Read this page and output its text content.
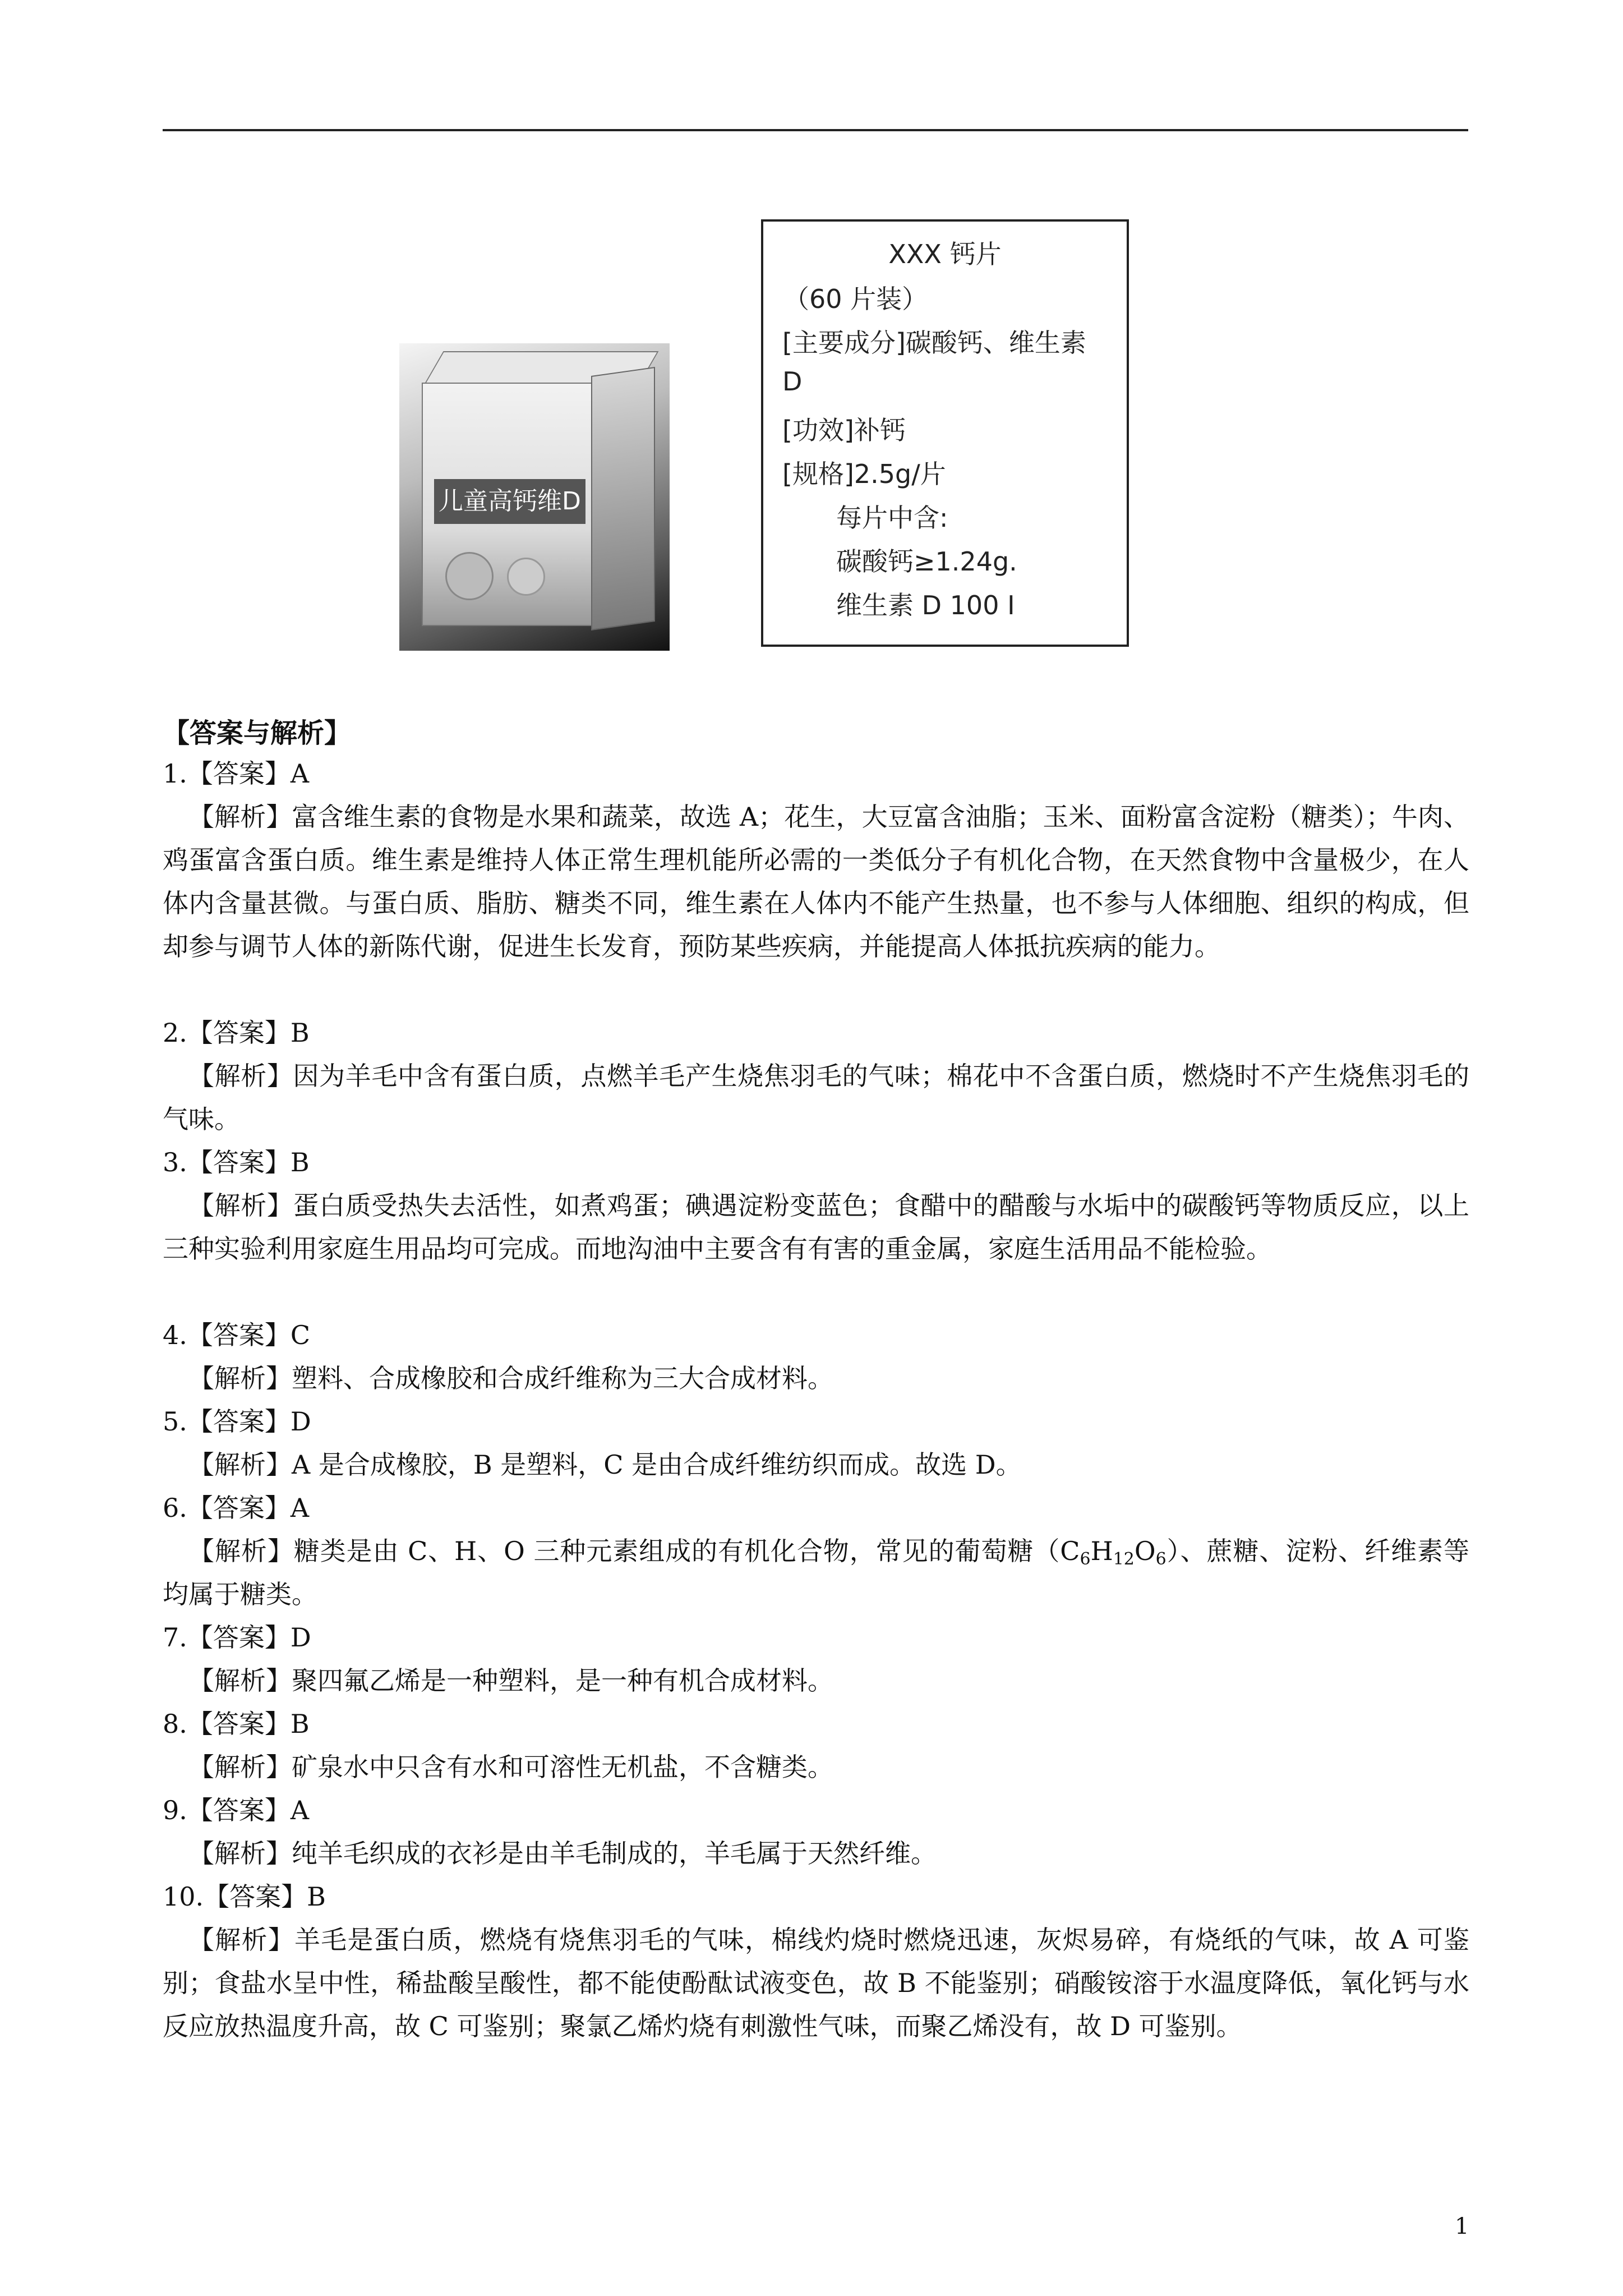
儿童高钙维D
XXX 钙片
（60 片装）
[主要成分]碳酸钙、维生素
D
[功效]补钙
[规格]2.5g/片
每片中含:
碳酸钙≥1.24g.
维生素 D 100 I
【答案与解析】
1.【答案】A
【解析】富含维生素的食物是水果和蔬菜，故选 A；花生，大豆富含油脂；玉米、面粉富含淀粉（糖类）；牛肉、鸡蛋富含蛋白质。维生素是维持人体正常生理机能所必需的一类低分子有机化合物，在天然食物中含量极少，在人体内含量甚微。与蛋白质、脂肪、糖类不同，维生素在人体内不能产生热量，也不参与人体细胞、组织的构成，但却参与调节人体的新陈代谢，促进生长发育，预防某些疾病，并能提高人体抵抗疾病的能力。
2.【答案】B
【解析】因为羊毛中含有蛋白质，点燃羊毛产生烧焦羽毛的气味；棉花中不含蛋白质，燃烧时不产生烧焦羽毛的气味。
3.【答案】B
【解析】蛋白质受热失去活性，如煮鸡蛋；碘遇淀粉变蓝色；食醋中的醋酸与水垢中的碳酸钙等物质反应，以上三种实验利用家庭生用品均可完成。而地沟油中主要含有有害的重金属，家庭生活用品不能检验。
4.【答案】C
【解析】塑料、合成橡胶和合成纤维称为三大合成材料。
5.【答案】D
【解析】A 是合成橡胶，B 是塑料，C 是由合成纤维纺织而成。故选 D。
6.【答案】A
【解析】糖类是由 C、H、O 三种元素组成的有机化合物，常见的葡萄糖$(C_6H_{12}O_6)$、蔗糖、淀粉、纤维素等均属于糖类。
7.【答案】D
【解析】聚四氟乙烯是一种塑料，是一种有机合成材料。
8.【答案】B
【解析】矿泉水中只含有水和可溶性无机盐，不含糖类。
9.【答案】A
【解析】纯羊毛织成的衣衫是由羊毛制成的，羊毛属于天然纤维。
10.【答案】B
【解析】羊毛是蛋白质，燃烧有烧焦羽毛的气味，棉线灼烧时燃烧迅速，灰烬易碎，有烧纸的气味，故 A 可鉴别；食盐水呈中性，稀盐酸呈酸性，都不能使酚酞试液变色，故 B 不能鉴别；硝酸铵溶于水温度降低，氧化钙与水反应放热温度升高，故 C 可鉴别；聚氯乙烯灼烧有刺激性气味，而聚乙烯没有，故 D 可鉴别。
1
